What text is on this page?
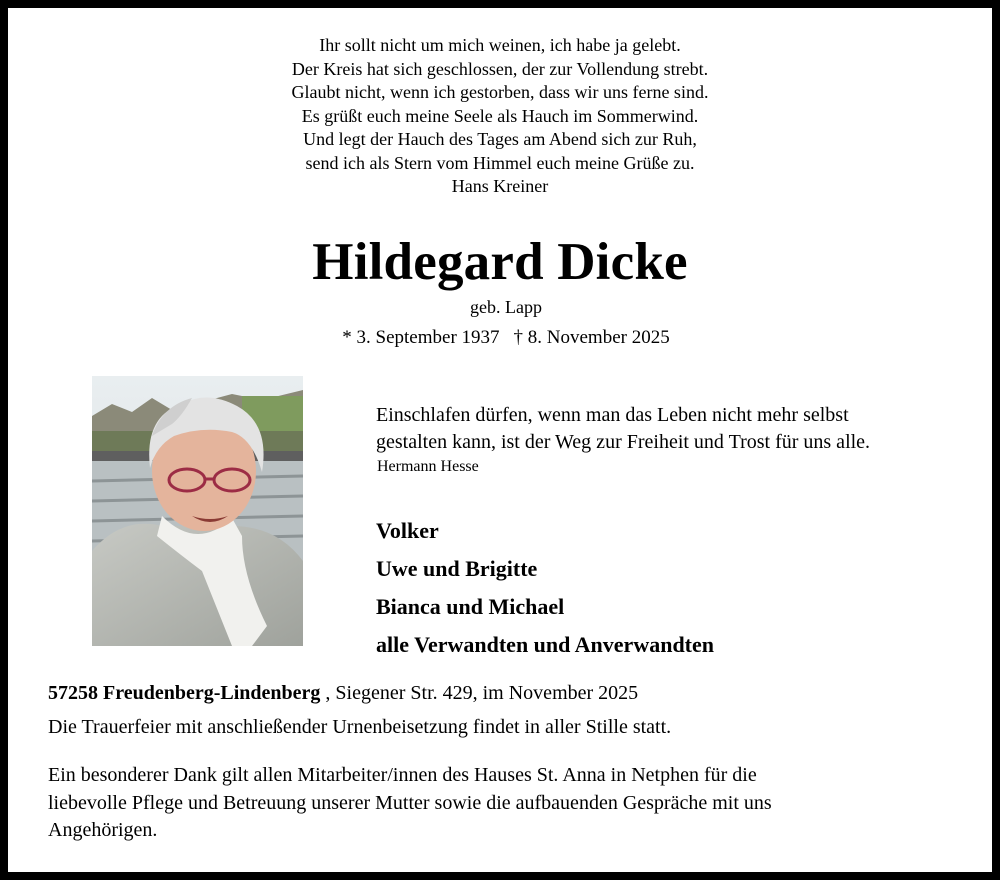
Ihr sollt nicht um mich weinen, ich habe ja gelebt.
Der Kreis hat sich geschlossen, der zur Vollendung strebt.
Glaubt nicht, wenn ich gestorben, dass wir uns ferne sind.
Es grüßt euch meine Seele als Hauch im Sommerwind.
Und legt der Hauch des Tages am Abend sich zur Ruh,
send ich als Stern vom Himmel euch meine Grüße zu.
Hans Kreiner
Hildegard Dicke
geb. Lapp
* 3. September 1937 † 8. November 2025
Einschlafen dürfen, wenn man das Leben nicht mehr selbst
gestalten kann, ist der Weg zur Freiheit und Trost für uns alle.
Hermann Hesse
Volker
Uwe und Brigitte
Bianca und Michael
alle Verwandten und Anverwandten
57258 Freudenberg-Lindenberg , Siegener Str. 429, im November 2025
Die Trauerfeier mit anschließender Urnenbeisetzung findet in aller Stille statt.
Ein besonderer Dank gilt allen Mitarbeiter/innen des Hauses St. Anna in Netphen für die
liebevolle Pflege und Betreuung unserer Mutter sowie die aufbauenden Gespräche mit uns
Angehörigen.
